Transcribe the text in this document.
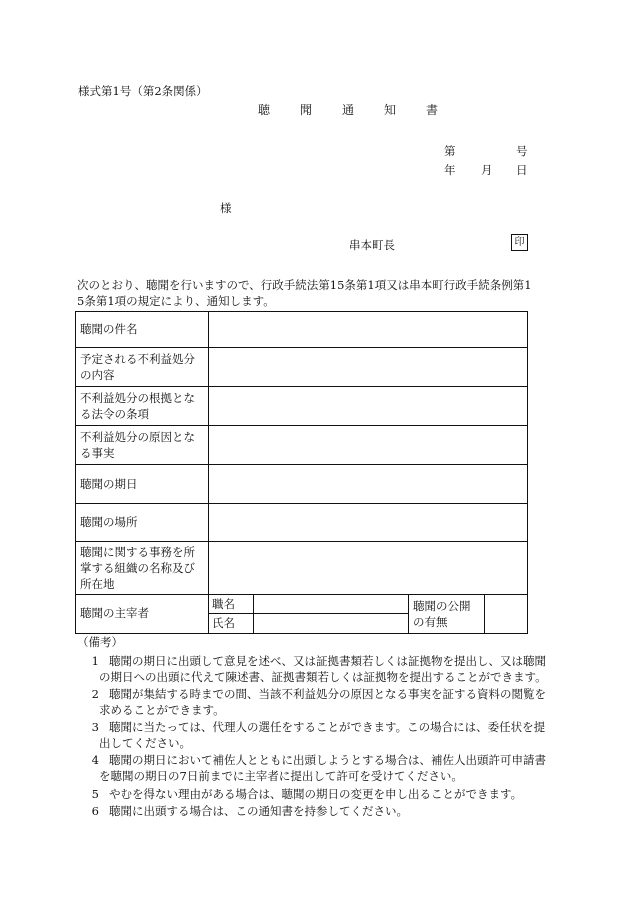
様式第1号（第2条関係）
聴　聞　通　知　書
第	号
年 月 日
様
串本町長	印
次のとおり、聴聞を行いますので、行政手続法第15条第1項又は串本町行政手続条例第1
5条第1項の規定により、通知します。
聴聞の件名
予定される不利益処分
の内容
不利益処分の根拠とな
る法令の条項
不利益処分の原因とな
る事実
聴聞の期日
聴聞の場所
聴聞に関する事務を所
掌する組織の名称及び
所在地
聴聞の主宰者
職名
氏名
聴聞の公開
の有無
（備考）
1 聴聞の期日に出頭して意見を述べ、又は証拠書類若しくは証拠物を提出し、又は聴聞
の期日への出頭に代えて陳述書、証拠書類若しくは証拠物を提出することができます。
2 聴聞が集結する時までの間、当該不利益処分の原因となる事実を証する資料の閲覧を
求めることができます。
3 聴聞に当たっては、代理人の選任をすることができます。この場合には、委任状を提
出してください。
4 聴聞の期日において補佐人とともに出頭しようとする場合は、補佐人出頭許可申請書
を聴聞の期日の7日前までに主宰者に提出して許可を受けてください。
5 やむを得ない理由がある場合は、聴聞の期日の変更を申し出ることができます。
6 聴聞に出頭する場合は、この通知書を持参してください。
